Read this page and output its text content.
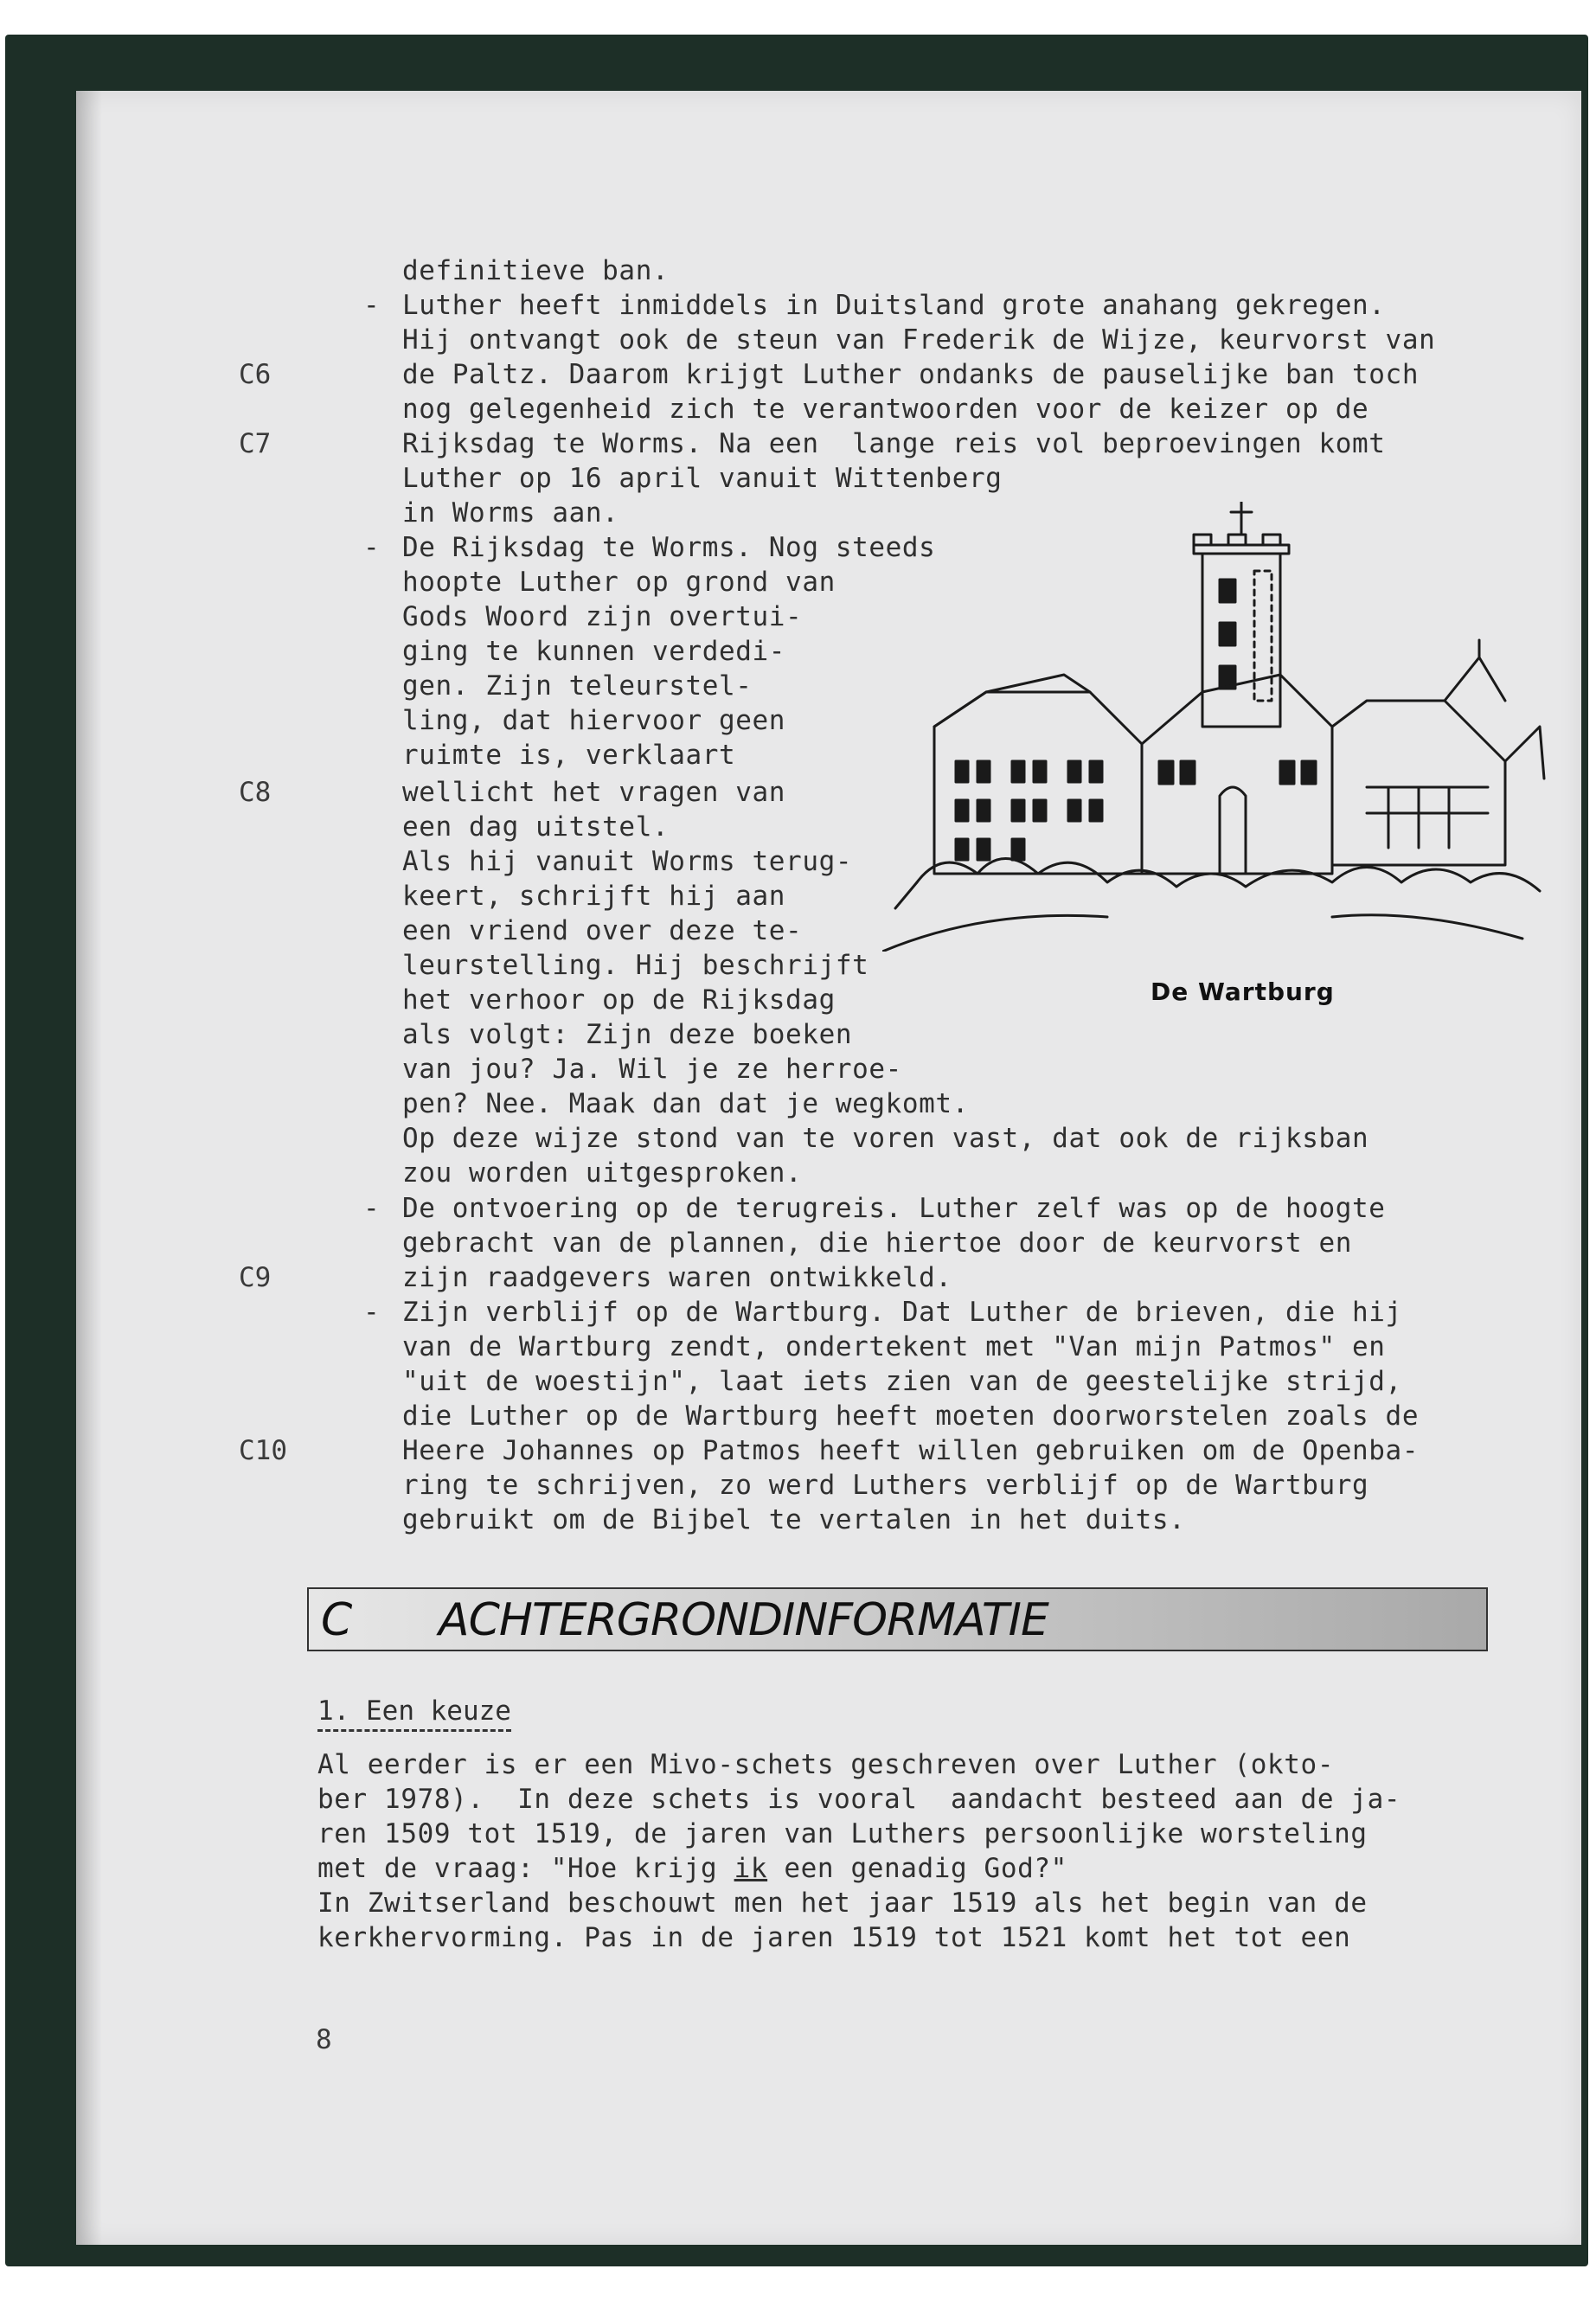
C6
C7
C8
C9
C10
-
-
-
-
definitieve ban.
Luther heeft inmiddels in Duitsland grote anahang gekregen.
Hij ontvangt ook de steun van Frederik de Wijze, keurvorst van
de Paltz. Daarom krijgt Luther ondanks de pauselijke ban toch
nog gelegenheid zich te verantwoorden voor de keizer op de
Rijksdag te Worms. Na een  lange reis vol beproevingen komt
Luther op 16 april vanuit Wittenberg
in Worms aan.
De Rijksdag te Worms. Nog steeds
hoopte Luther op grond van
Gods Woord zijn overtui-
ging te kunnen verdedi-
gen. Zijn teleurstel-
ling, dat hiervoor geen
ruimte is, verklaart
wellicht het vragen van
een dag uitstel.
Als hij vanuit Worms terug-
keert, schrijft hij aan
een vriend over deze te-
leurstelling. Hij beschrijft
het verhoor op de Rijksdag
als volgt: Zijn deze boeken
van jou? Ja. Wil je ze herroe-
pen? Nee. Maak dan dat je wegkomt.
Op deze wijze stond van te voren vast, dat ook de rijksban
zou worden uitgesproken.
De ontvoering op de terugreis. Luther zelf was op de hoogte
gebracht van de plannen, die hiertoe door de keurvorst en
zijn raadgevers waren ontwikkeld.
Zijn verblijf op de Wartburg. Dat Luther de brieven, die hij
van de Wartburg zendt, ondertekent met "Van mijn Patmos" en
"uit de woestijn", laat iets zien van de geestelijke strijd,
die Luther op de Wartburg heeft moeten doorworstelen zoals de
Heere Johannes op Patmos heeft willen gebruiken om de Openba-
ring te schrijven, zo werd Luthers verblijf op de Wartburg
gebruikt om de Bijbel te vertalen in het duits.
De Wartburg
C ACHTERGRONDINFORMATIE
1. Een keuze
Al eerder is er een Mivo-schets geschreven over Luther (okto-
ber 1978).  In deze schets is vooral  aandacht besteed aan de ja-
ren 1509 tot 1519, de jaren van Luthers persoonlijke worsteling
met de vraag: "Hoe krijg ik een genadig God?"
In Zwitserland beschouwt men het jaar 1519 als het begin van de
kerkhervorming. Pas in de jaren 1519 tot 1521 komt het tot een
8
